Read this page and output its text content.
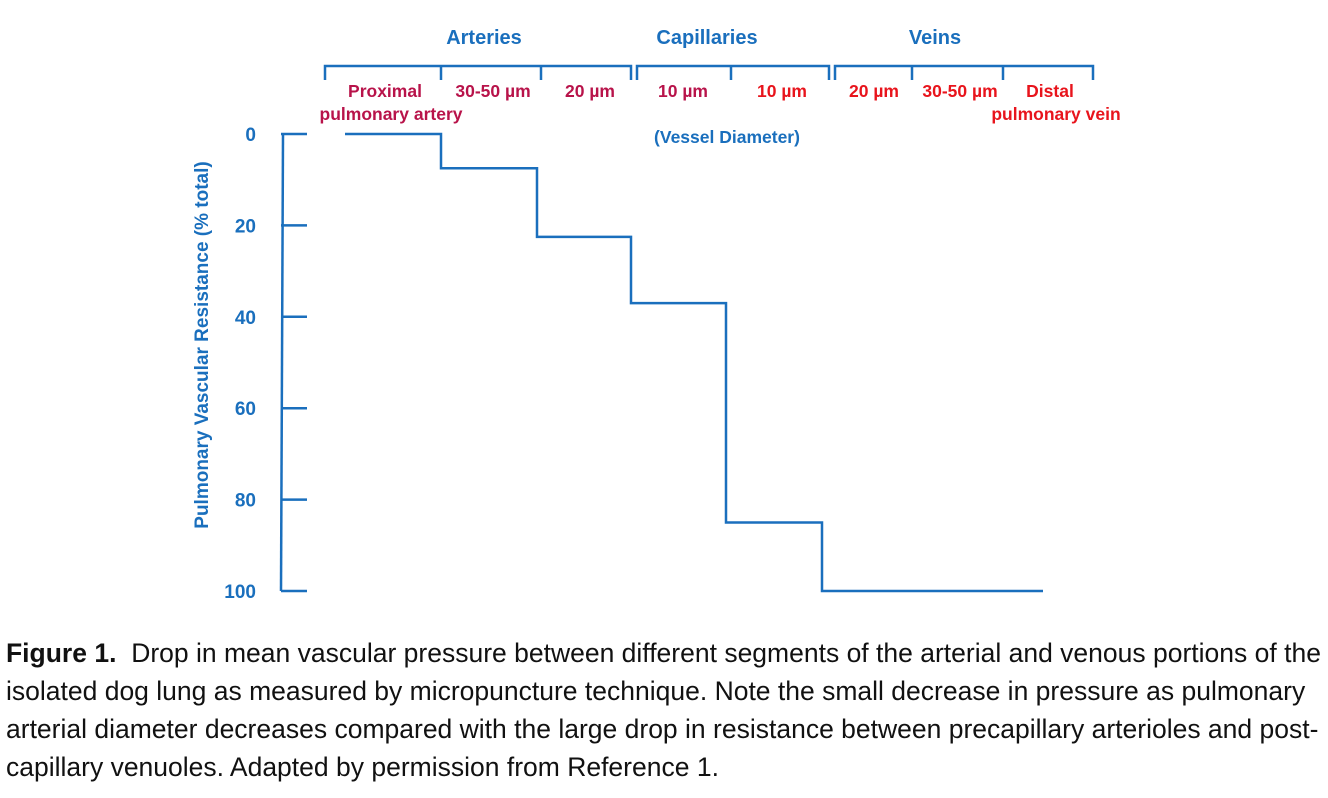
Arteries	Capillaries	Veins
Proximal
pulmonary artery
30-50 µm 20 µm 10 µm	10 µm 20 µm 30-50 µm Distal
pulmonary vein
(Vessel Diameter)
Pulmonary Vascular Resistance (% total)
0
20
40
60
80
100

Figure 1. Drop in mean vascular pressure between different segments of the arterial and venous portions of the isolated dog lung as measured by micropuncture technique. Note the small decrease in pressure as pulmonary arterial diameter decreases compared with the large drop in resistance between precapillary arterioles and post-capillary venuoles. Adapted by permission from Reference 1.
